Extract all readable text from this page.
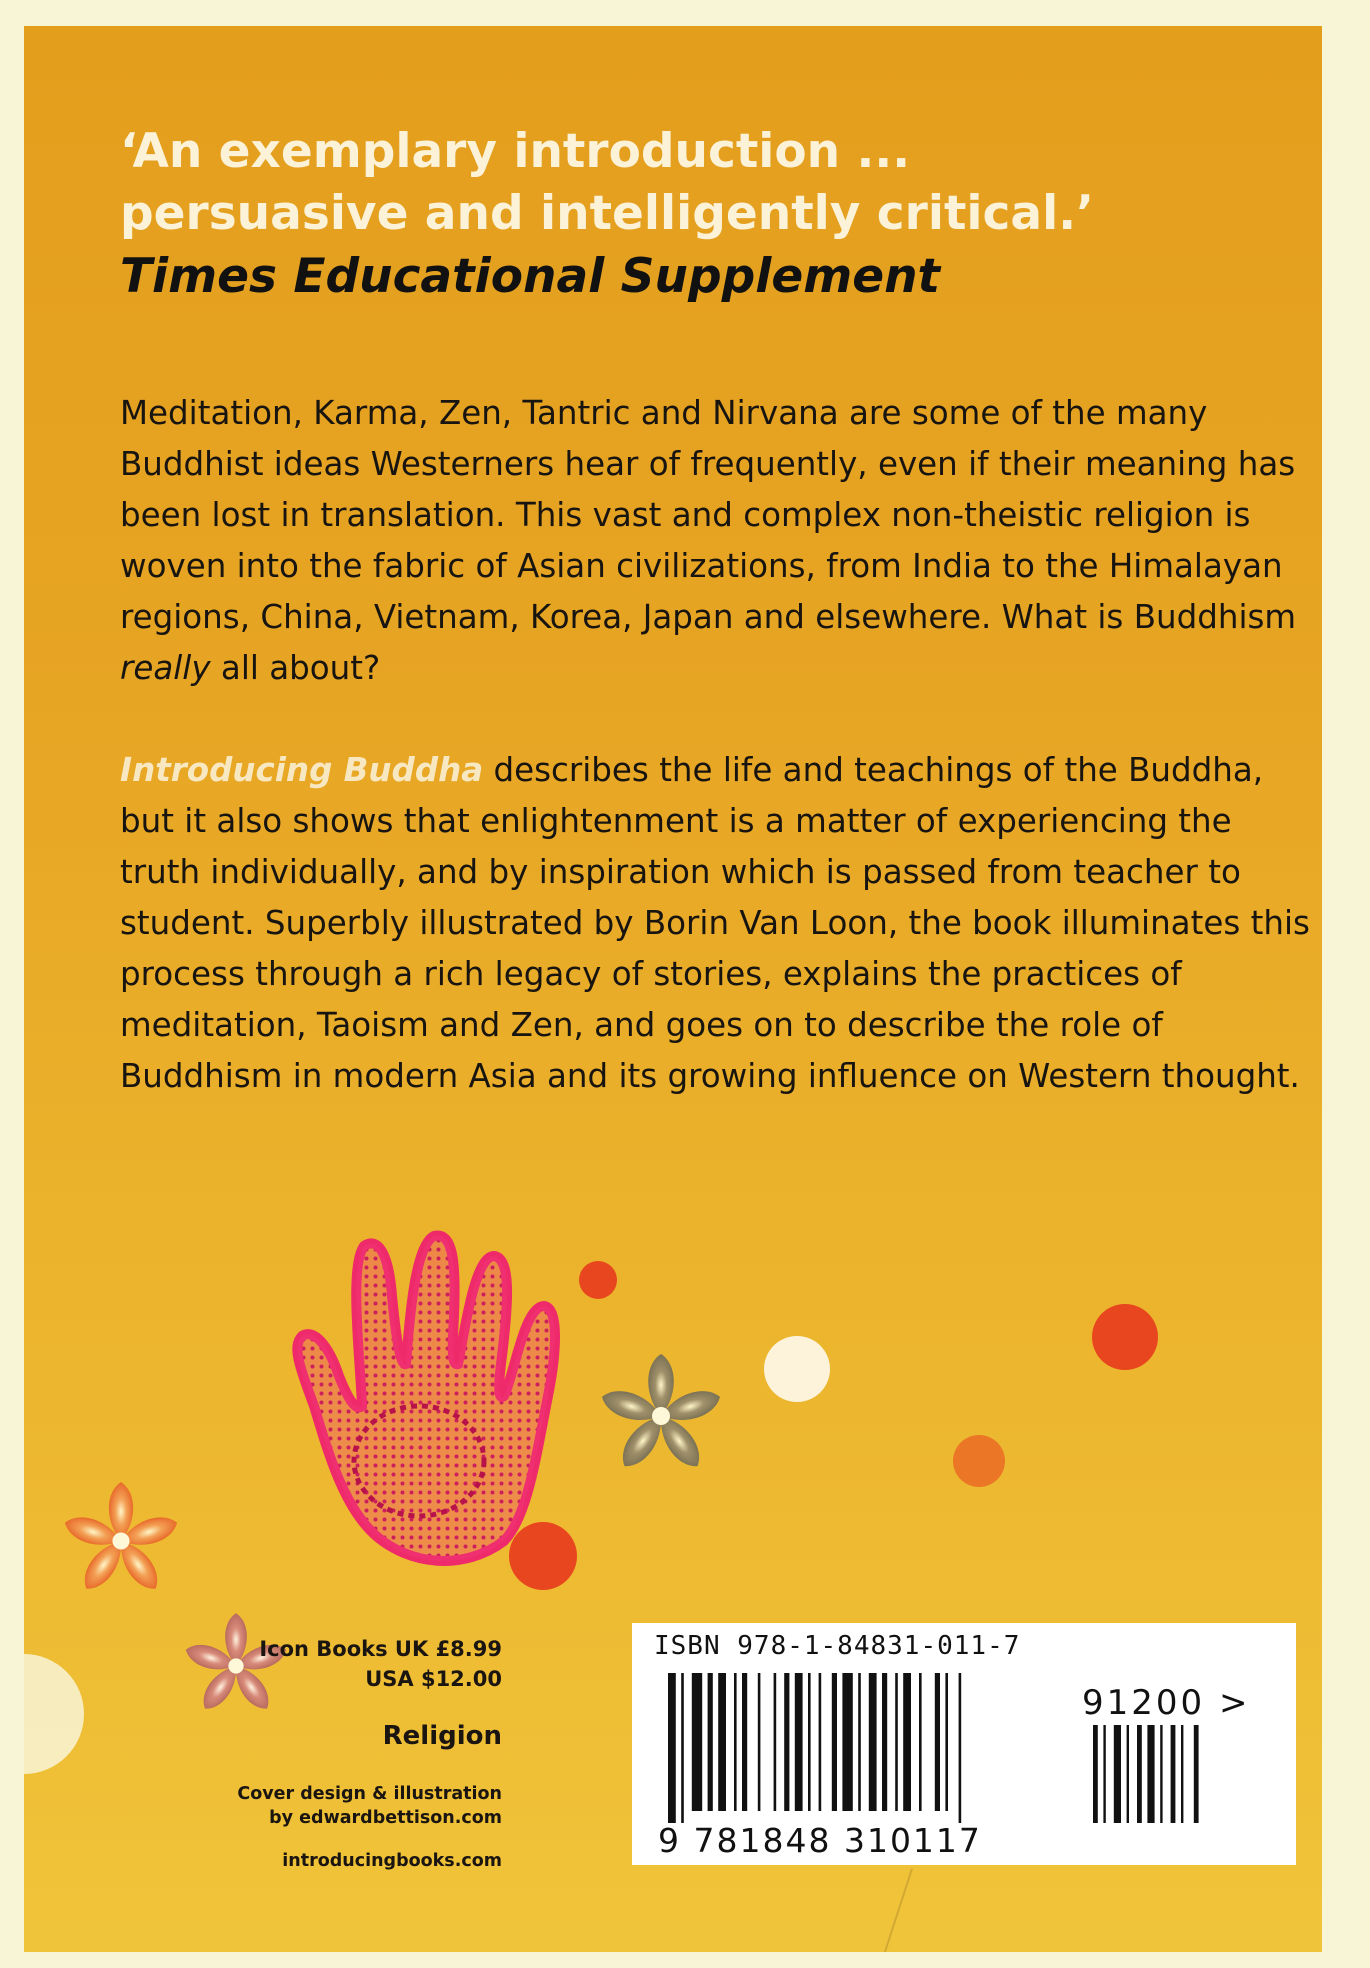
‘An exemplary introduction ...
persuasive and intelligently critical.’
Times Educational Supplement

Meditation, Karma, Zen, Tantric and Nirvana are some of the many Buddhist ideas Westerners hear of frequently, even if their meaning has been lost in translation. This vast and complex non-theistic religion is woven into the fabric of Asian civilizations, from India to the Himalayan regions, China, Vietnam, Korea, Japan and elsewhere. What is Buddhism really all about?

Introducing Buddha describes the life and teachings of the Buddha, but it also shows that enlightenment is a matter of experiencing the truth individually, and by inspiration which is passed from teacher to student. Superbly illustrated by Borin Van Loon, the book illuminates this process through a rich legacy of stories, explains the practices of meditation, Taoism and Zen, and goes on to describe the role of Buddhism in modern Asia and its growing influence on Western thought.

Icon Books UK £8.99
USA $12.00
Religion
Cover design & illustration
by edwardbettison.com
introducingbooks.com
ISBN 978-1-84831-011-7
91200 >
9 781848 310117
